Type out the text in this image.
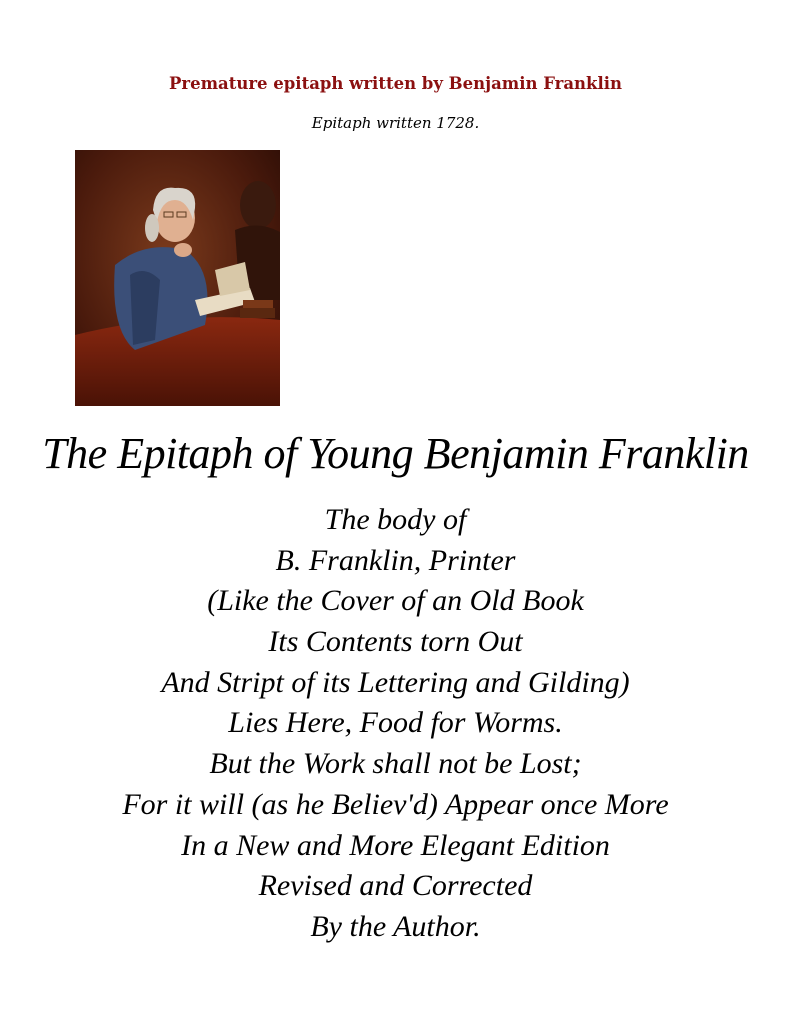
Premature epitaph written by Benjamin Franklin
Epitaph written 1728.
The Epitaph of Young Benjamin Franklin
The body of
B. Franklin, Printer
(Like the Cover of an Old Book
Its Contents torn Out
And Stript of its Lettering and Gilding)
Lies Here, Food for Worms.
But the Work shall not be Lost;
For it will (as he Believ'd) Appear once More
In a New and More Elegant Edition
Revised and Corrected
By the Author.
